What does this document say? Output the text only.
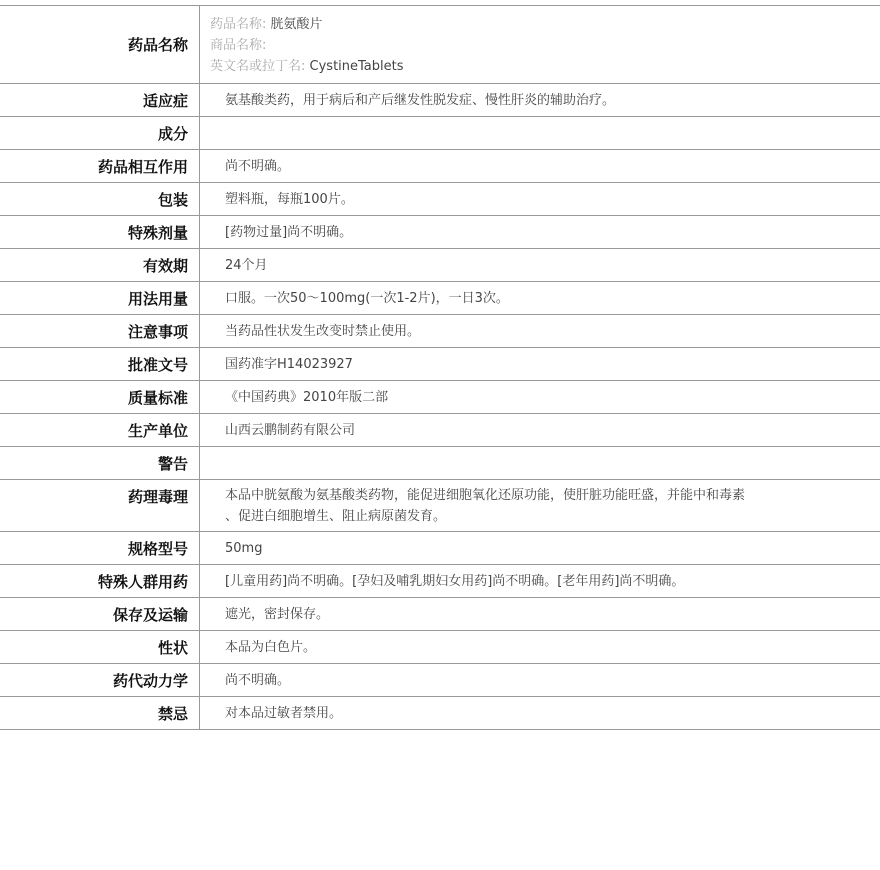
药品名称
药品名称: 胱氨酸片
商品名称:
英文名或拉丁名: CystineTablets
适应症	氨基酸类药，用于病后和产后继发性脱发症、慢性肝炎的辅助治疗。
成分
药品相互作用	尚不明确。
包装	塑料瓶，每瓶100片。
特殊剂量	[药物过量]尚不明确。
有效期	24个月
用法用量	口服。一次50～100mg(一次1-2片)，一日3次。
注意事项	当药品性状发生改变时禁止使用。
批准文号	国药准字H14023927
质量标准	《中国药典》2010年版二部
生产单位	山西云鹏制药有限公司
警告
药理毒理	本品中胱氨酸为氨基酸类药物，能促进细胞氧化还原功能，使肝脏功能旺盛，并能中和毒素
、促进白细胞增生、阻止病原菌发育。
规格型号	50mg
特殊人群用药	[儿童用药]尚不明确。[孕妇及哺乳期妇女用药]尚不明确。[老年用药]尚不明确。
保存及运输	遮光，密封保存。
性状	本品为白色片。
药代动力学	尚不明确。
禁忌	对本品过敏者禁用。
